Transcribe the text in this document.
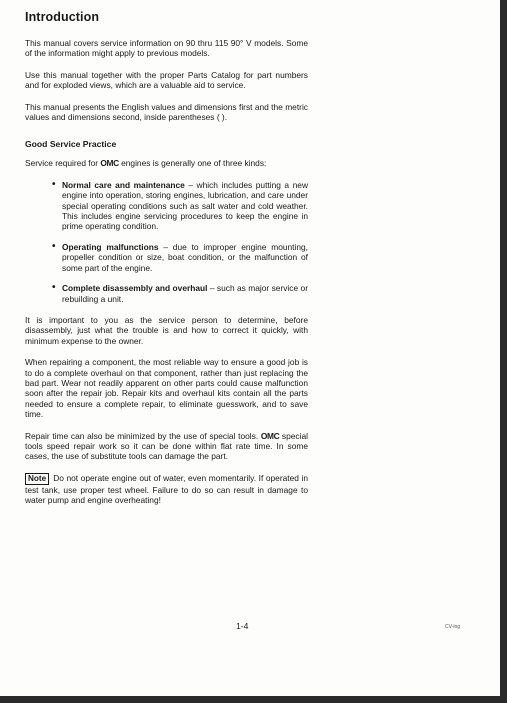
Introduction

This manual covers service information on 90 thru 115 90° V models. Some of the information might apply to previous models.

Use this manual together with the proper Parts Catalog for part numbers and for exploded views, which are a valuable aid to service.

This manual presents the English values and dimensions first and the metric values and dimensions second, inside parentheses ( ).

Good Service Practice

Service required for OMC engines is generally one of three kinds:

• Normal care and maintenance – which includes putting a new engine into operation, storing engines, lubrication, and care under special operating conditions such as salt water and cold weather. This includes engine servicing procedures to keep the engine in prime operating condition.
• Operating malfunctions – due to improper engine mounting, propeller condition or size, boat condition, or the malfunction of some part of the engine.
• Complete disassembly and overhaul – such as major service or rebuilding a unit.

It is important to you as the service person to determine, before disassembly, just what the trouble is and how to correct it quickly, with minimum expense to the owner.

When repairing a component, the most reliable way to ensure a good job is to do a complete overhaul on that component, rather than just replacing the bad part. Wear not readily apparent on other parts could cause malfunction soon after the repair job. Repair kits and overhaul kits contain all the parts needed to ensure a complete repair, to eliminate guesswork, and to save time.

Repair time can also be minimized by the use of special tools. OMC special tools speed repair work so it can be done within flat rate time. In some cases, the use of substitute tools can damage the part.

Note Do not operate engine out of water, even momentarily. If operated in test tank, use proper test wheel. Failure to do so can result in damage to water pump and engine overheating!

1-4	CV-ing
